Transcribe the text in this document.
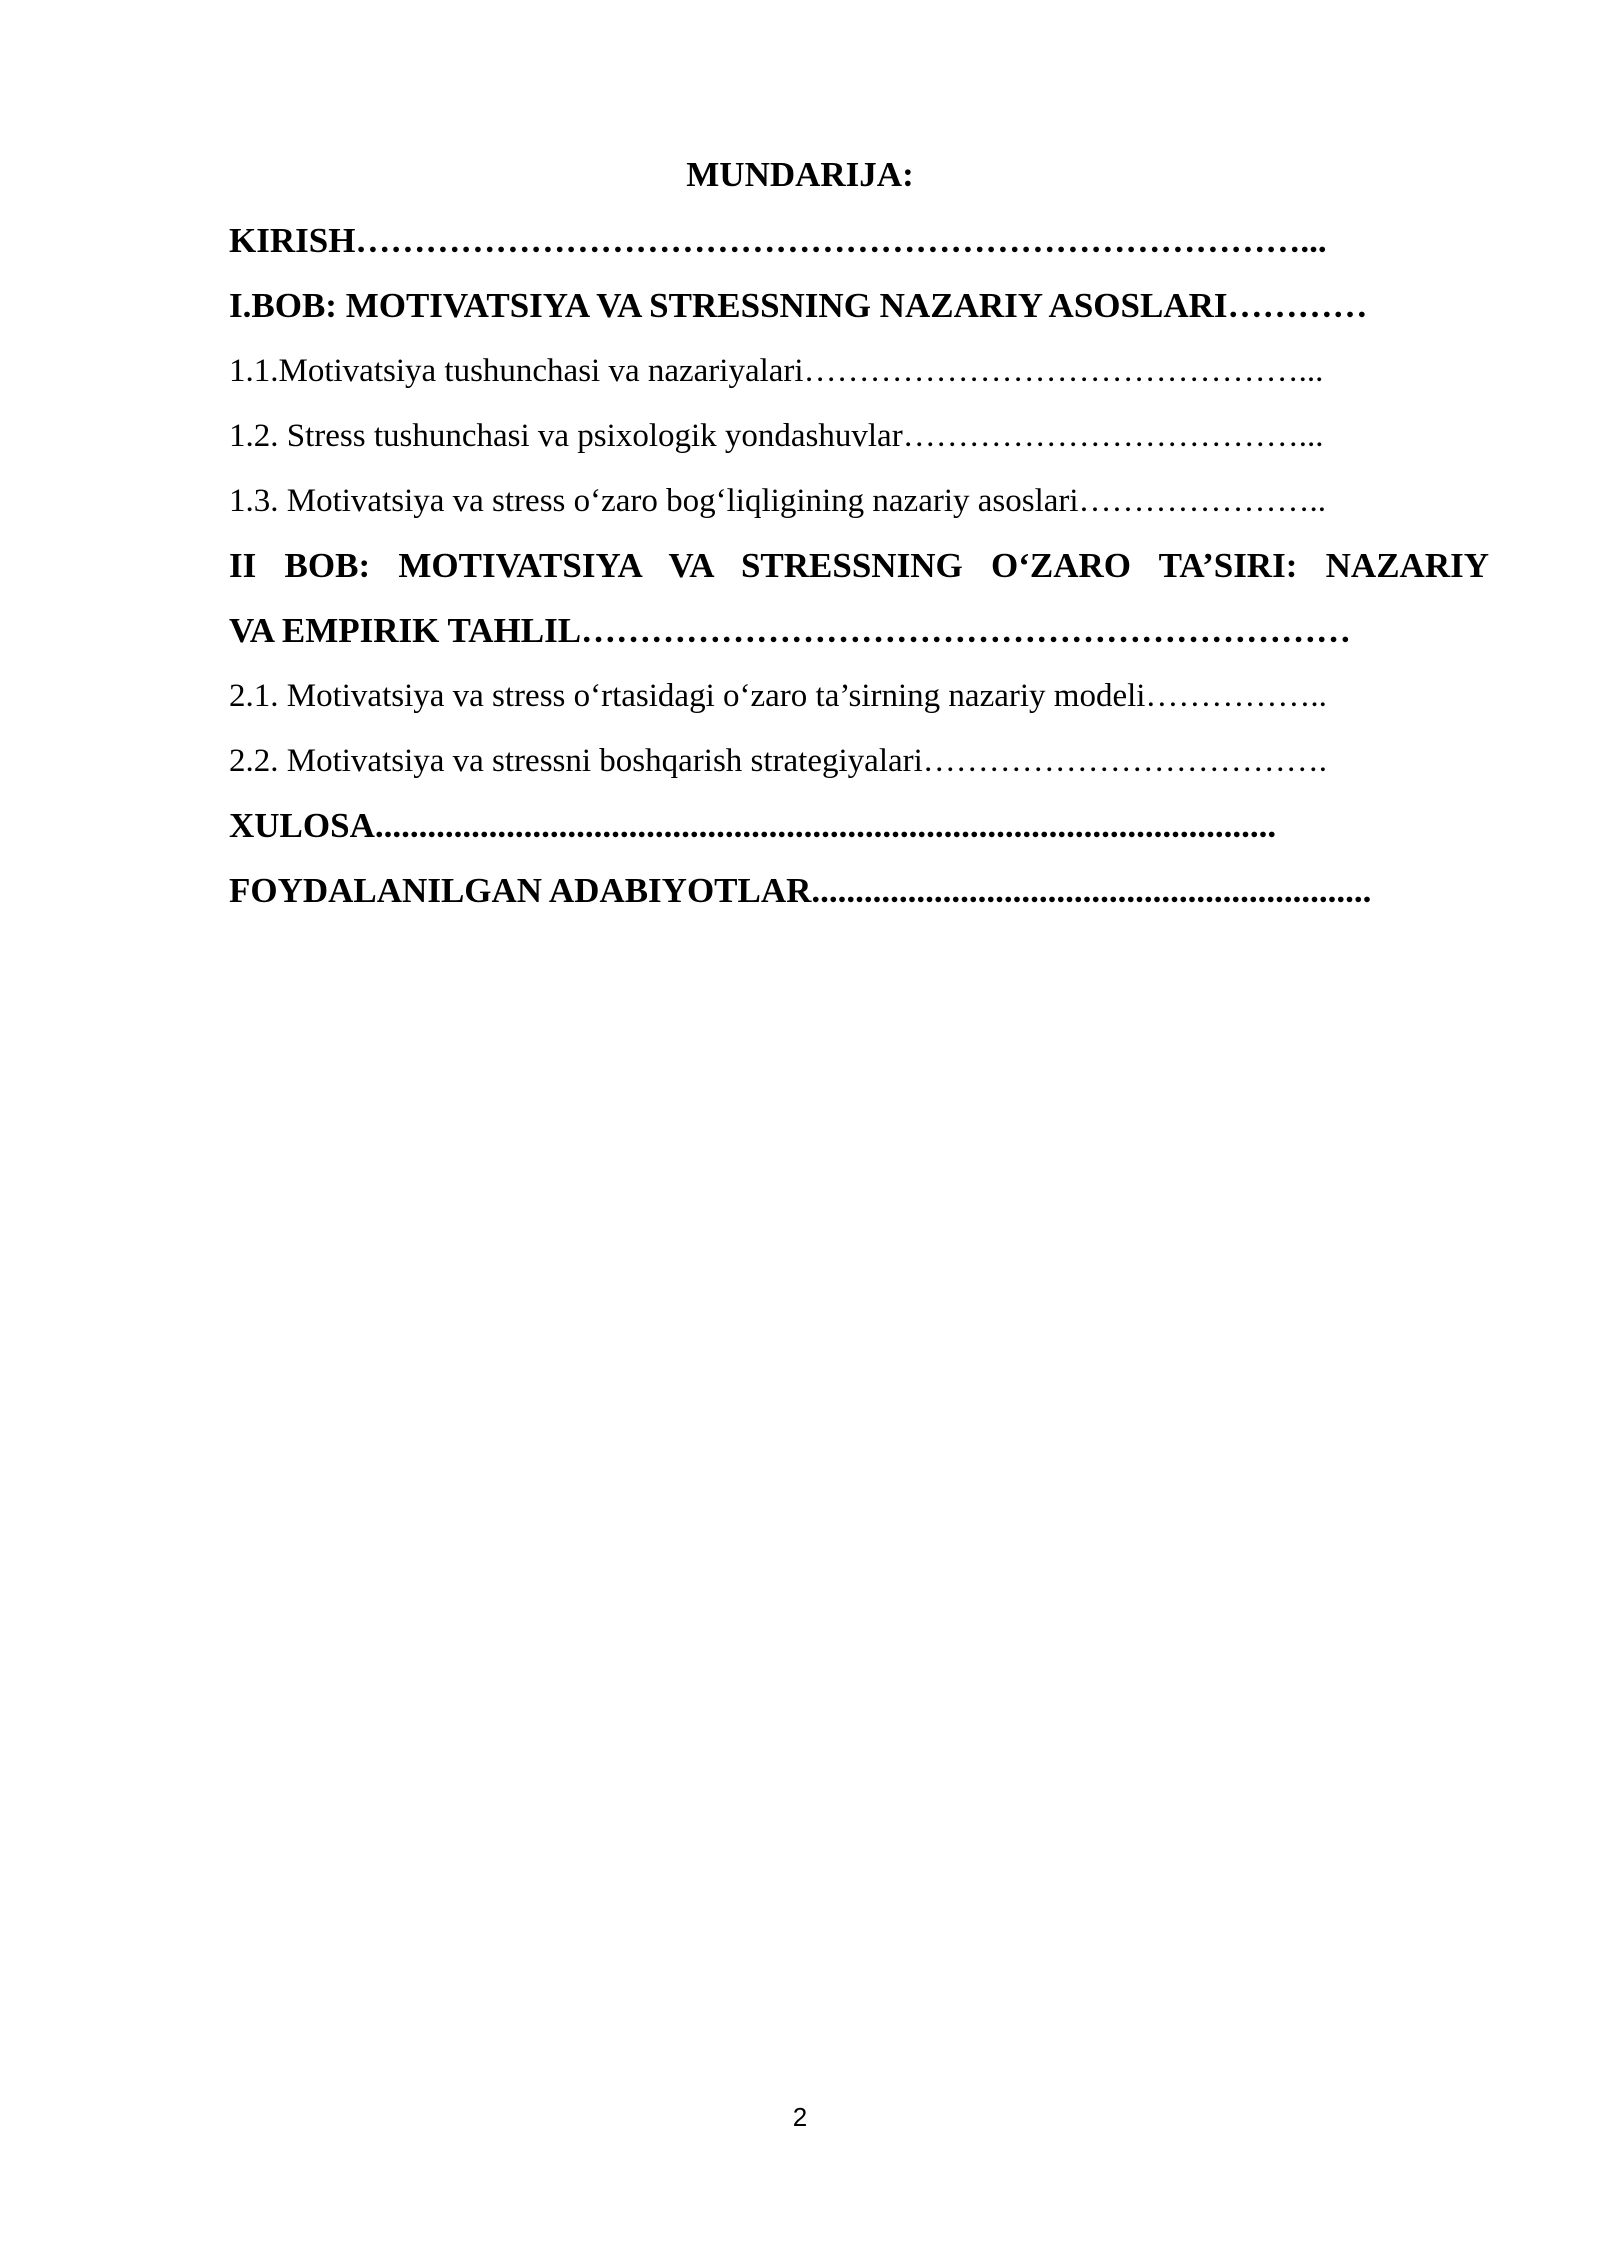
MUNDARIJA:
KIRISH………………………………………………………………………...
I.BOB: MOTIVATSIYA VA STRESSNING NAZARIY ASOSLARI…………
1.1.Motivatsiya tushunchasi va nazariyalari………………………………………...
1.2. Stress tushunchasi va psixologik yondashuvlar………………………………...
1.3. Motivatsiya va stress o‘zaro bog‘liqligining nazariy asoslari…………………..
II BOB: MOTIVATSIYA VA STRESSNING O‘ZARO TA’SIRI: NAZARIY
VA EMPIRIK TAHLIL…………………………………………………………
2.1. Motivatsiya va stress o‘rtasidagi o‘zaro ta’sirning nazariy modeli……………..
2.2. Motivatsiya va stressni boshqarish strategiyalari……………………………….
XULOSA.......................................................................................................
FOYDALANILGAN ADABIYOTLAR................................................................
2
